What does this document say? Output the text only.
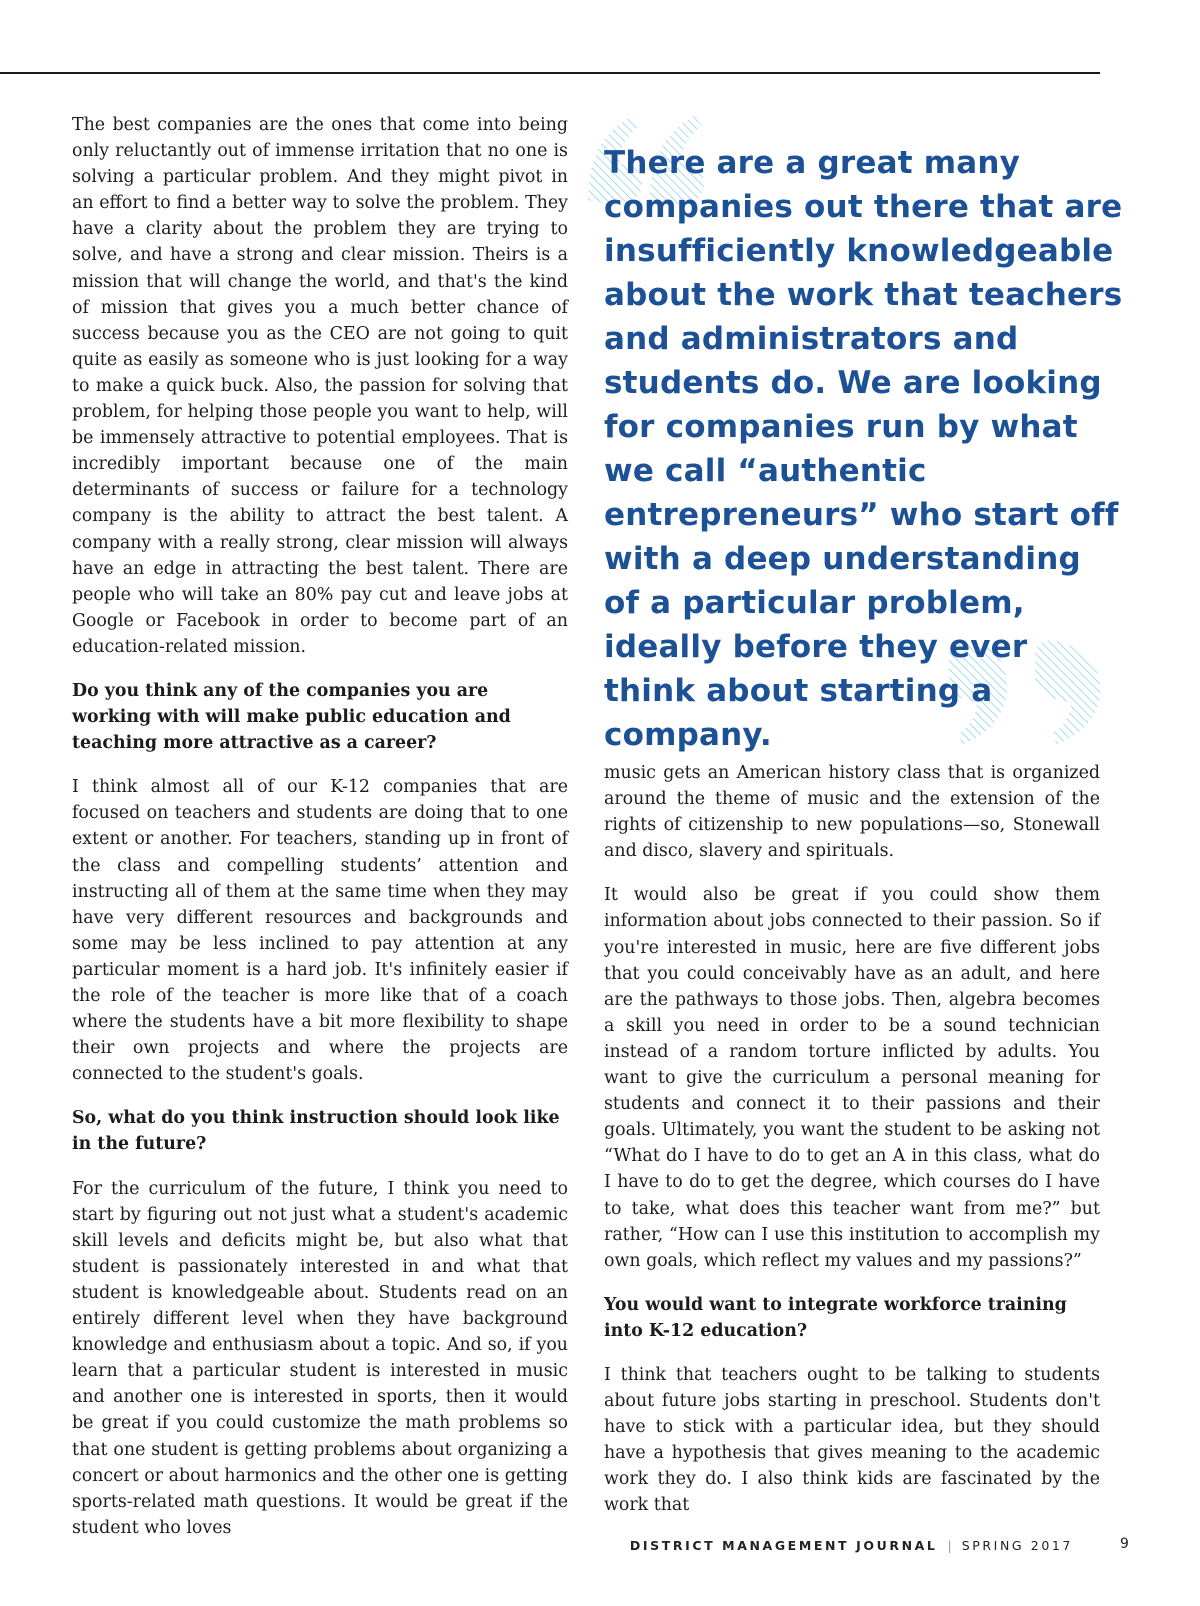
The best companies are the ones that come into being only reluctantly out of immense irritation that no one is solving a particular problem. And they might pivot in an effort to find a better way to solve the problem. They have a clarity about the problem they are trying to solve, and have a strong and clear mission. Theirs is a mission that will change the world, and that's the kind of mission that gives you a much better chance of success because you as the CEO are not going to quit quite as easily as someone who is just looking for a way to make a quick buck. Also, the passion for solving that problem, for helping those people you want to help, will be immensely attractive to potential employees. That is incredibly important because one of the main determinants of success or failure for a technology company is the ability to attract the best talent. A company with a really strong, clear mission will always have an edge in attracting the best talent. There are people who will take an 80% pay cut and leave jobs at Google or Facebook in order to become part of an education-related mission.

Do you think any of the companies you are working with will make public education and teaching more attractive as a career?

I think almost all of our K-12 companies that are focused on teachers and students are doing that to one extent or another. For teachers, standing up in front of the class and compelling students’ attention and instructing all of them at the same time when they may have very different resources and backgrounds and some may be less inclined to pay attention at any particular moment is a hard job. It's infinitely easier if the role of the teacher is more like that of a coach where the students have a bit more flexibility to shape their own projects and where the projects are connected to the student's goals.

So, what do you think instruction should look like in the future?

For the curriculum of the future, I think you need to start by figuring out not just what a student's academic skill levels and deficits might be, but also what that student is passionately interested in and what that student is knowledgeable about. Students read on an entirely different level when they have background knowledge and enthusiasm about a topic. And so, if you learn that a particular student is interested in music and another one is interested in sports, then it would be great if you could customize the math problems so that one student is getting problems about organizing a concert or about harmonics and the other one is getting sports-related math questions. It would be great if the student who loves

There are a great many companies out there that are insufficiently knowledgeable about the work that teachers and administrators and students do. We are looking for companies run by what we call “authentic entrepreneurs” who start off with a deep understanding of a particular problem, ideally before they ever think about starting a company.

music gets an American history class that is organized around the theme of music and the extension of the rights of citizenship to new populations—so, Stonewall and disco, slavery and spirituals.

It would also be great if you could show them information about jobs connected to their passion. So if you're interested in music, here are five different jobs that you could conceivably have as an adult, and here are the pathways to those jobs. Then, algebra becomes a skill you need in order to be a sound technician instead of a random torture inflicted by adults. You want to give the curriculum a personal meaning for students and connect it to their passions and their goals. Ultimately, you want the student to be asking not “What do I have to do to get an A in this class, what do I have to do to get the degree, which courses do I have to take, what does this teacher want from me?” but rather, “How can I use this institution to accomplish my own goals, which reflect my values and my passions?”

You would want to integrate workforce training into K-12 education?

I think that teachers ought to be talking to students about future jobs starting in preschool. Students don't have to stick with a particular idea, but they should have a hypothesis that gives meaning to the academic work they do. I also think kids are fascinated by the work that

DISTRICT MANAGEMENT JOURNAL | SPRING 2017	9
